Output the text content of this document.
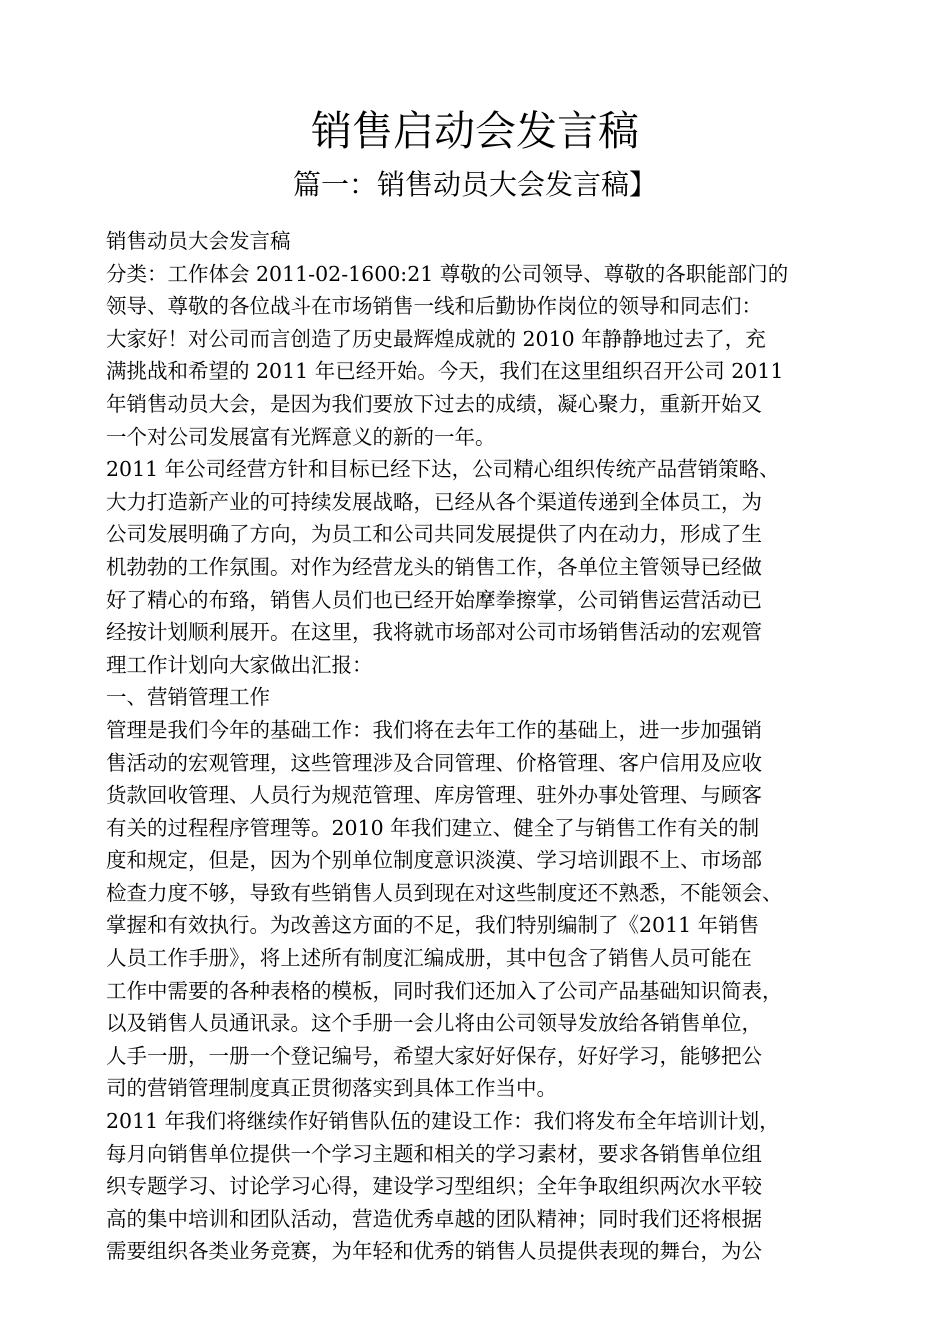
销售启动会发言稿
篇一：销售动员大会发言稿】
销售动员大会发言稿
分类：工作体会 2011-02-1600:21 尊敬的公司领导、尊敬的各职能部门的
领导、尊敬的各位战斗在市场销售一线和后勤协作岗位的领导和同志们：
大家好！对公司而言创造了历史最辉煌成就的 2010 年静静地过去了，充
满挑战和希望的 2011 年已经开始。今天，我们在这里组织召开公司 2011
年销售动员大会，是因为我们要放下过去的成绩，凝心聚力，重新开始又
一个对公司发展富有光辉意义的新的一年。
2011 年公司经营方针和目标已经下达，公司精心组织传统产品营销策略、
大力打造新产业的可持续发展战略，已经从各个渠道传递到全体员工，为
公司发展明确了方向，为员工和公司共同发展提供了内在动力，形成了生
机勃勃的工作氛围。对作为经营龙头的销售工作，各单位主管领导已经做
好了精心的布臵，销售人员们也已经开始摩拳擦掌，公司销售运营活动已
经按计划顺利展开。在这里，我将就市场部对公司市场销售活动的宏观管
理工作计划向大家做出汇报：
一、营销管理工作
管理是我们今年的基础工作：我们将在去年工作的基础上，进一步加强销
售活动的宏观管理，这些管理涉及合同管理、价格管理、客户信用及应收
货款回收管理、人员行为规范管理、库房管理、驻外办事处管理、与顾客
有关的过程程序管理等。2010 年我们建立、健全了与销售工作有关的制
度和规定，但是，因为个别单位制度意识淡漠、学习培训跟不上、市场部
检查力度不够，导致有些销售人员到现在对这些制度还不熟悉，不能领会、
掌握和有效执行。为改善这方面的不足，我们特别编制了《2011 年销售
人员工作手册》，将上述所有制度汇编成册，其中包含了销售人员可能在
工作中需要的各种表格的模板，同时我们还加入了公司产品基础知识简表，
以及销售人员通讯录。这个手册一会儿将由公司领导发放给各销售单位，
人手一册，一册一个登记编号，希望大家好好保存，好好学习，能够把公
司的营销管理制度真正贯彻落实到具体工作当中。
2011 年我们将继续作好销售队伍的建设工作：我们将发布全年培训计划，
每月向销售单位提供一个学习主题和相关的学习素材，要求各销售单位组
织专题学习、讨论学习心得，建设学习型组织；全年争取组织两次水平较
高的集中培训和团队活动，营造优秀卓越的团队精神；同时我们还将根据
需要组织各类业务竞赛，为年轻和优秀的销售人员提供表现的舞台，为公
